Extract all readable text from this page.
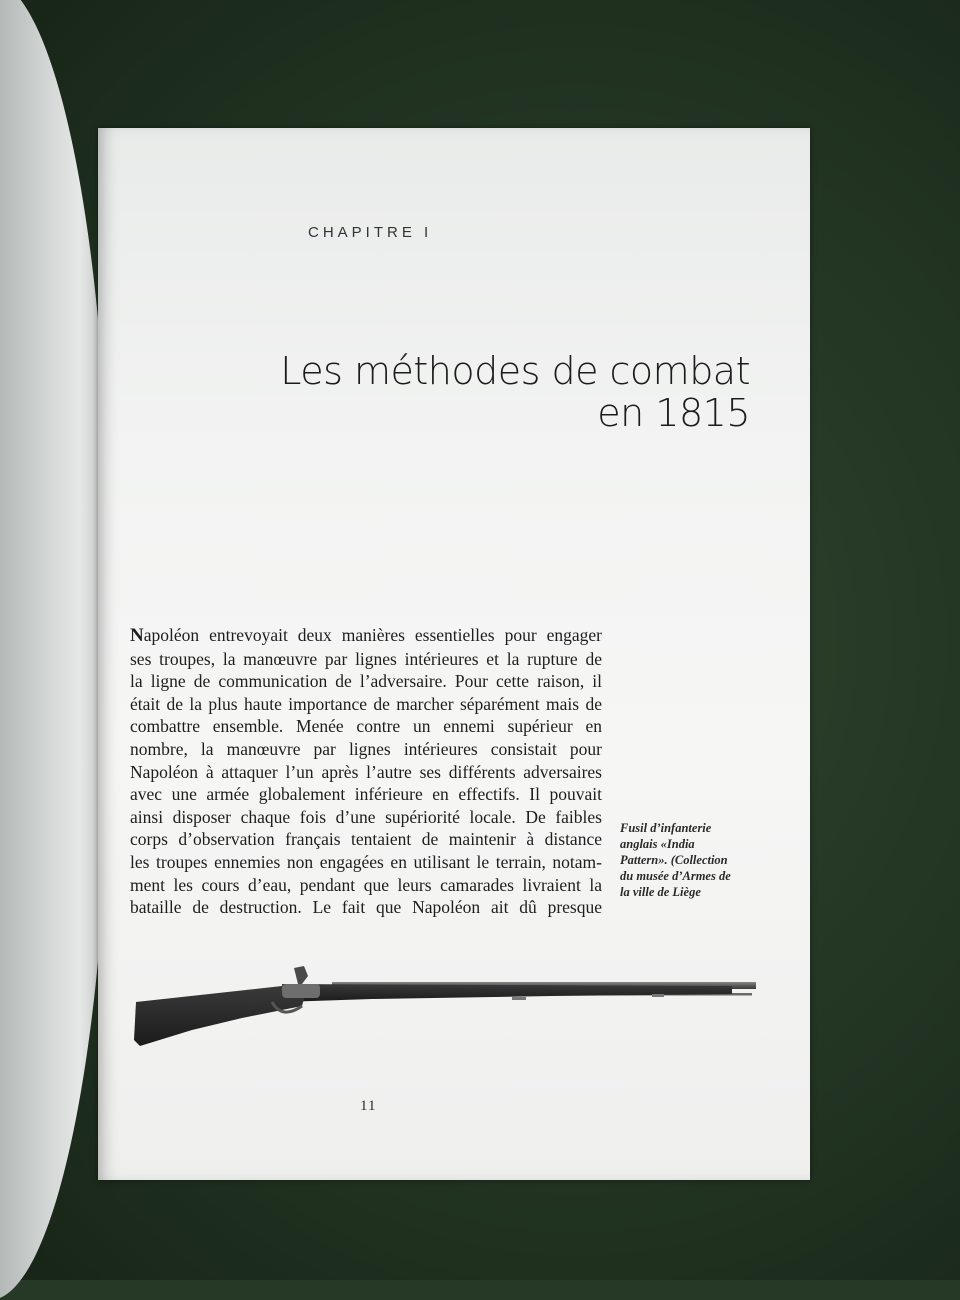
CHAPITRE I
Les méthodes de combat
en 1815
Napoléon entrevoyait deux manières essentielles pour engager
ses troupes, la manœuvre par lignes intérieures et la rupture de
la ligne de communication de l’adversaire. Pour cette raison, il
était de la plus haute importance de marcher séparément mais de
combattre ensemble. Menée contre un ennemi supérieur en
nombre, la manœuvre par lignes intérieures consistait pour
Napoléon à attaquer l’un après l’autre ses différents adversaires
avec une armée globalement inférieure en effectifs. Il pouvait
ainsi disposer chaque fois d’une supériorité locale. De faibles
corps d’observation français tentaient de maintenir à distance
les troupes ennemies non engagées en utilisant le terrain, notam-
ment les cours d’eau, pendant que leurs camarades livraient la
bataille de destruction. Le fait que Napoléon ait dû presque
Fusil d’infanterie
anglais «India
Pattern». (Collection
du musée d’Armes de
la ville de Liège
11
